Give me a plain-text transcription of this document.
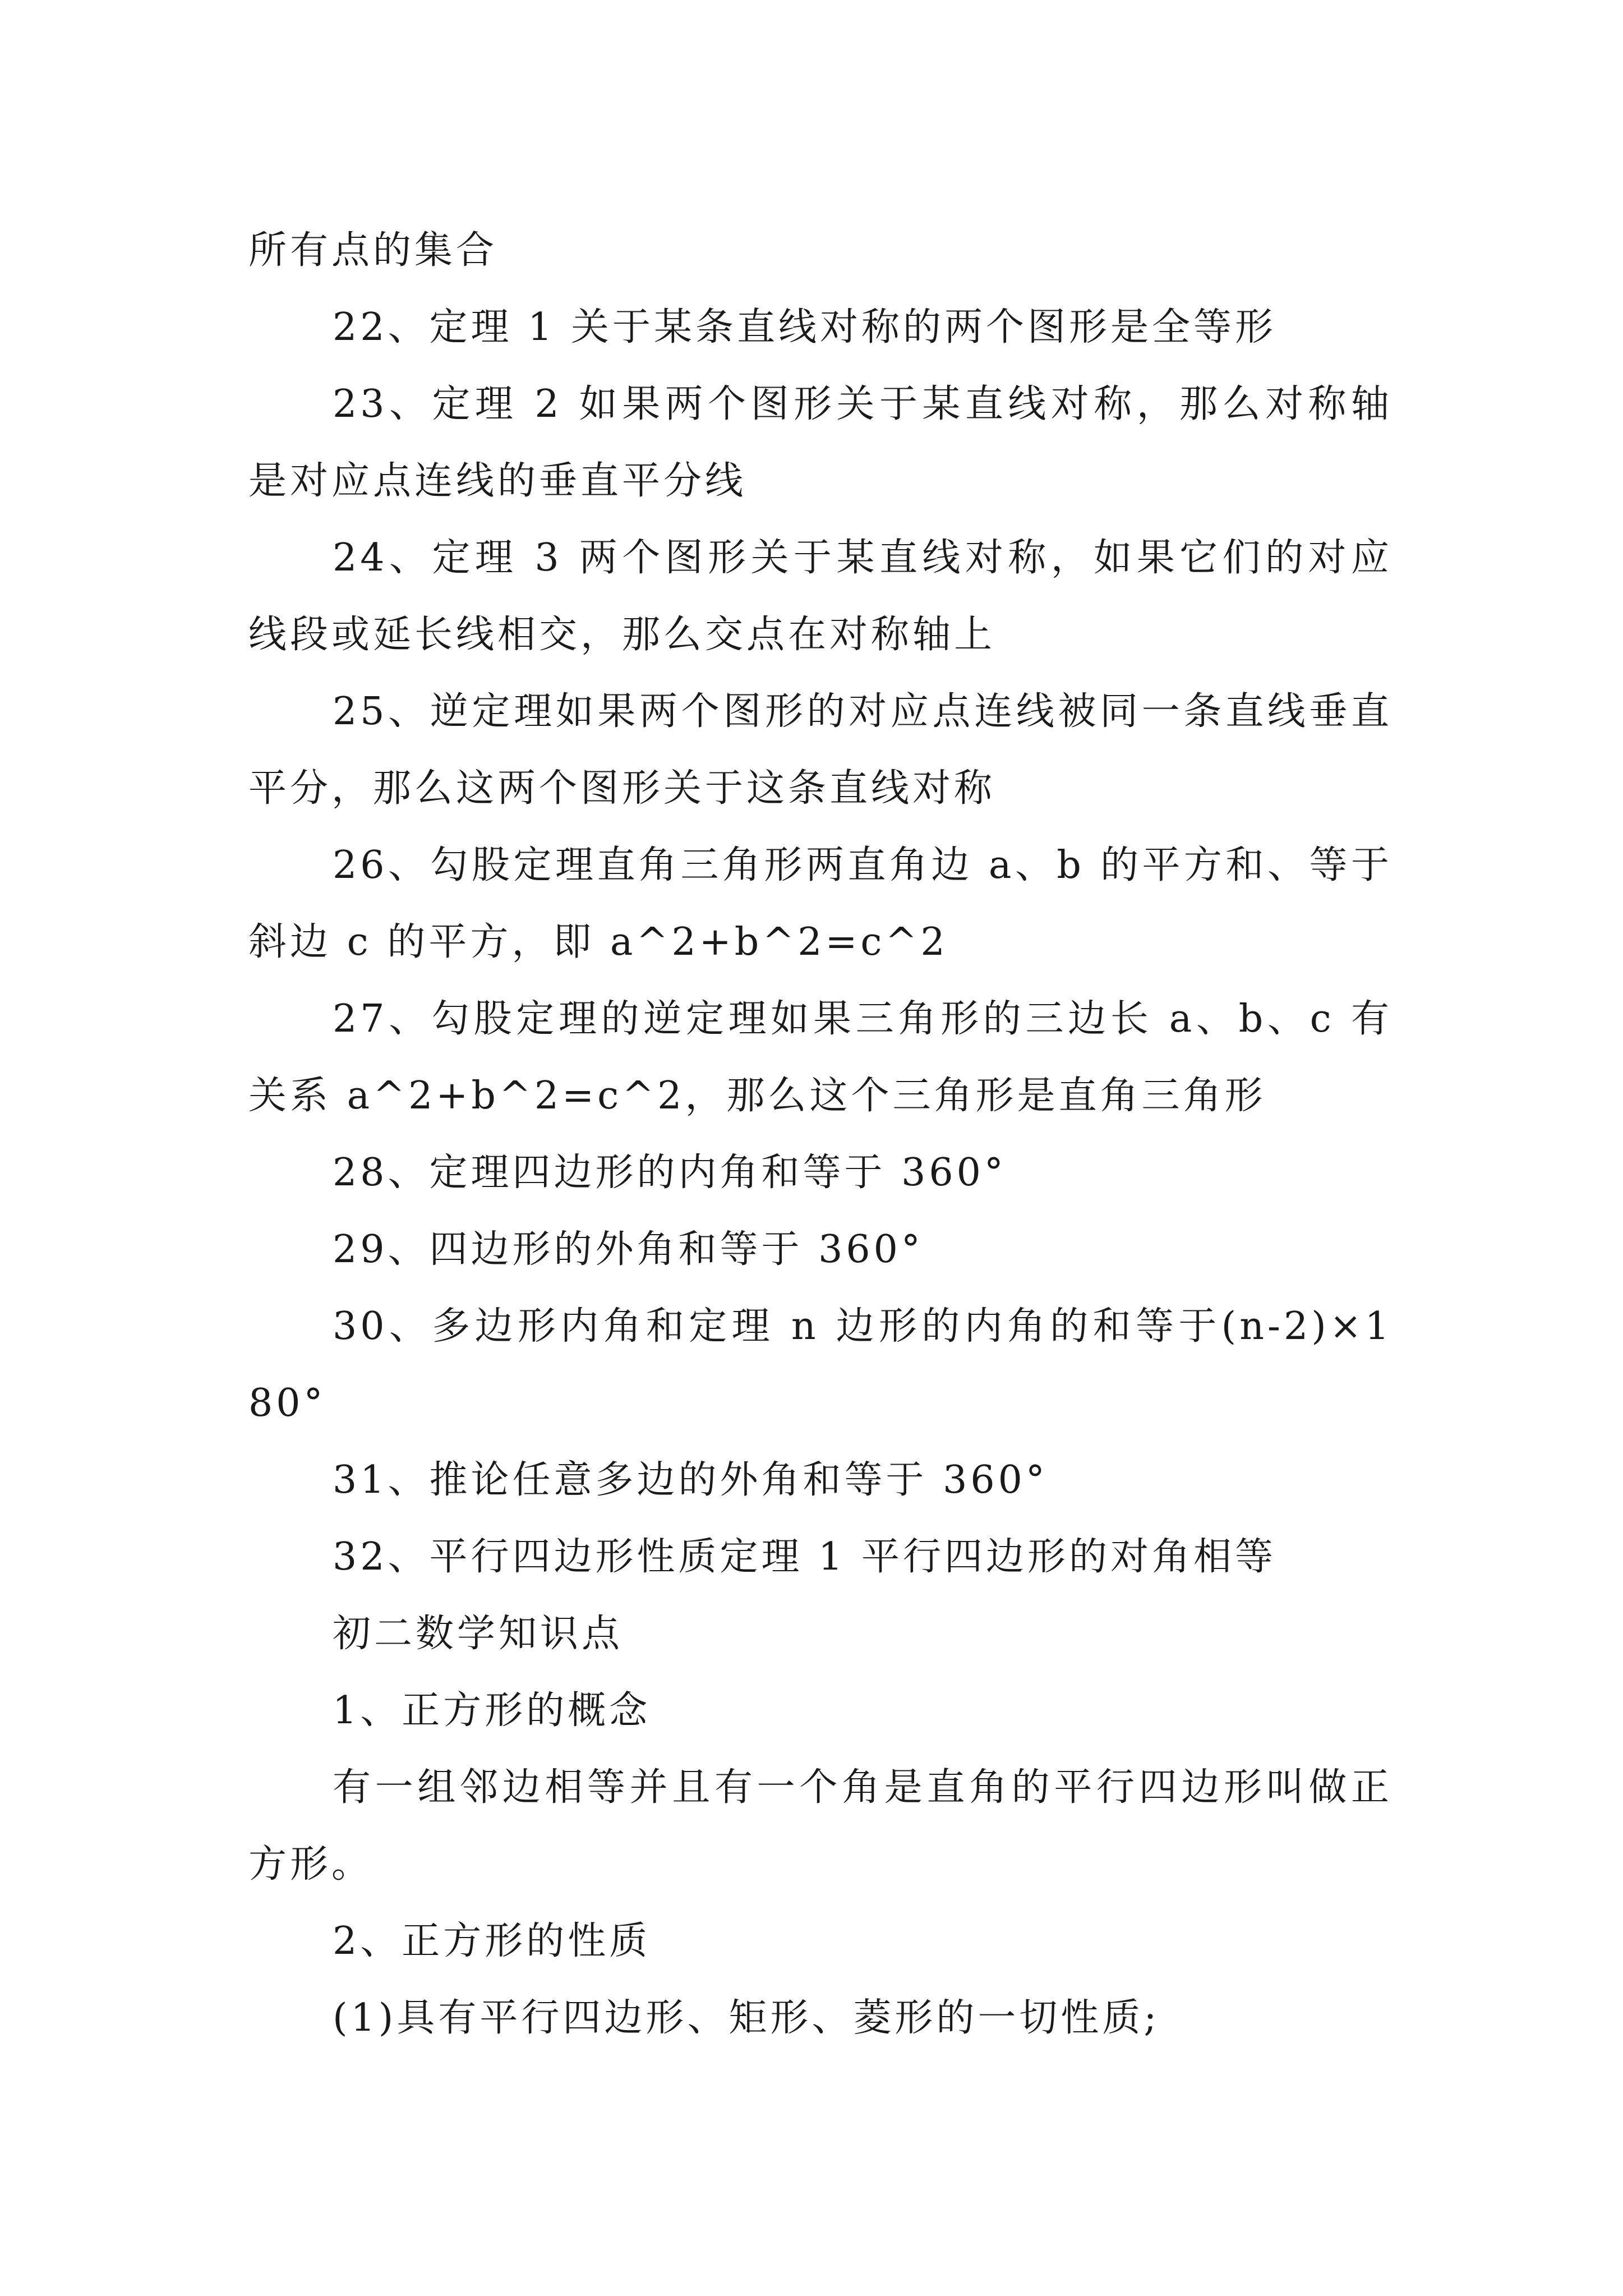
所有点的集合

22、定理 1 关于某条直线对称的两个图形是全等形

23、定理 2 如果两个图形关于某直线对称，那么对称轴是对应点连线的垂直平分线

24、定理 3 两个图形关于某直线对称，如果它们的对应线段或延长线相交，那么交点在对称轴上

25、逆定理如果两个图形的对应点连线被同一条直线垂直平分，那么这两个图形关于这条直线对称

26、勾股定理直角三角形两直角边 a、b 的平方和、等于斜边 c 的平方，即 a^2+b^2=c^2

27、勾股定理的逆定理如果三角形的三边长 a、b、c 有关系 a^2+b^2=c^2，那么这个三角形是直角三角形

28、定理四边形的内角和等于 360°

29、四边形的外角和等于 360°

30、多边形内角和定理 n 边形的内角的和等于(n-2)×180°

31、推论任意多边的外角和等于 360°

32、平行四边形性质定理 1 平行四边形的对角相等

初二数学知识点

1、正方形的概念

有一组邻边相等并且有一个角是直角的平行四边形叫做正方形。

2、正方形的性质

(1)具有平行四边形、矩形、菱形的一切性质;
